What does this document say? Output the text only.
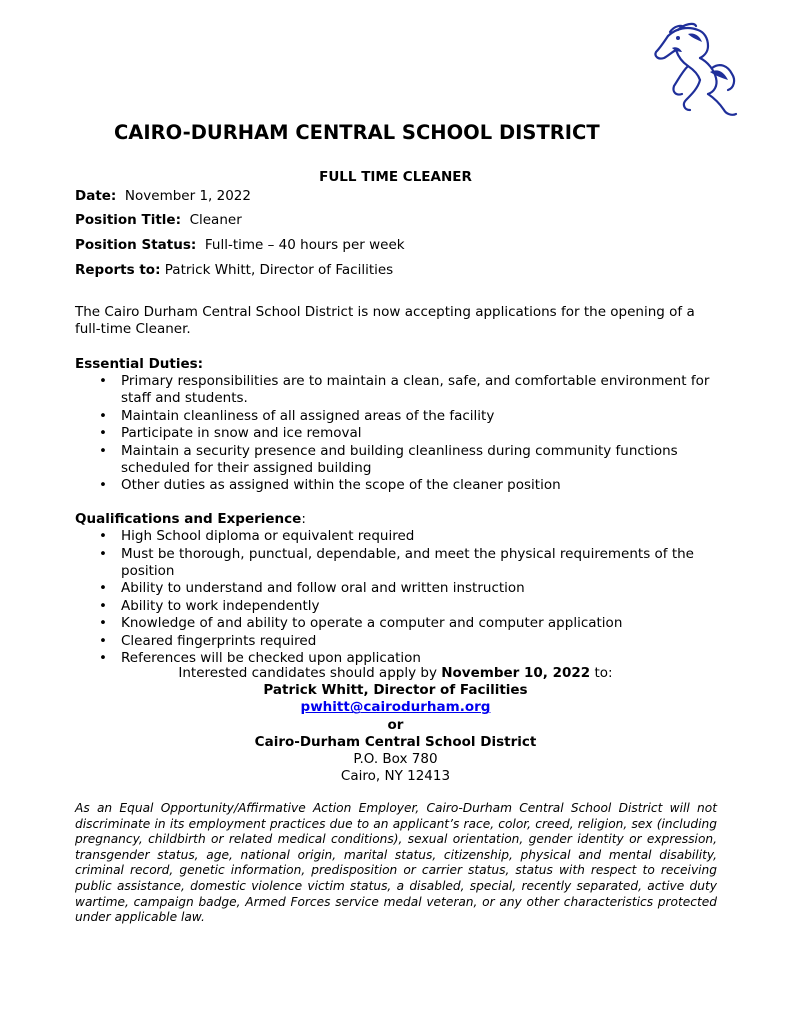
CAIRO-DURHAM CENTRAL SCHOOL DISTRICT
FULL TIME CLEANER
Date: November 1, 2022
Position Title: Cleaner
Position Status: Full-time – 40 hours per week
Reports to: Patrick Whitt, Director of Facilities
The Cairo Durham Central School District is now accepting applications for the opening of a full-time Cleaner.
Essential Duties:
• Primary responsibilities are to maintain a clean, safe, and comfortable environment for staff and students.
• Maintain cleanliness of all assigned areas of the facility
• Participate in snow and ice removal
• Maintain a security presence and building cleanliness during community functions scheduled for their assigned building
• Other duties as assigned within the scope of the cleaner position
Qualifications and Experience:
• High School diploma or equivalent required
• Must be thorough, punctual, dependable, and meet the physical requirements of the position
• Ability to understand and follow oral and written instruction
• Ability to work independently
• Knowledge of and ability to operate a computer and computer application
• Cleared fingerprints required
• References will be checked upon application
Interested candidates should apply by November 10, 2022 to:
Patrick Whitt, Director of Facilities
pwhitt@cairodurham.org
or
Cairo-Durham Central School District
P.O. Box 780
Cairo, NY 12413
As an Equal Opportunity/Affirmative Action Employer, Cairo-Durham Central School District will not discriminate in its employment practices due to an applicant’s race, color, creed, religion, sex (including pregnancy, childbirth or related medical conditions), sexual orientation, gender identity or expression, transgender status, age, national origin, marital status, citizenship, physical and mental disability, criminal record, genetic information, predisposition or carrier status, status with respect to receiving public assistance, domestic violence victim status, a disabled, special, recently separated, active duty wartime, campaign badge, Armed Forces service medal veteran, or any other characteristics protected under applicable law.
